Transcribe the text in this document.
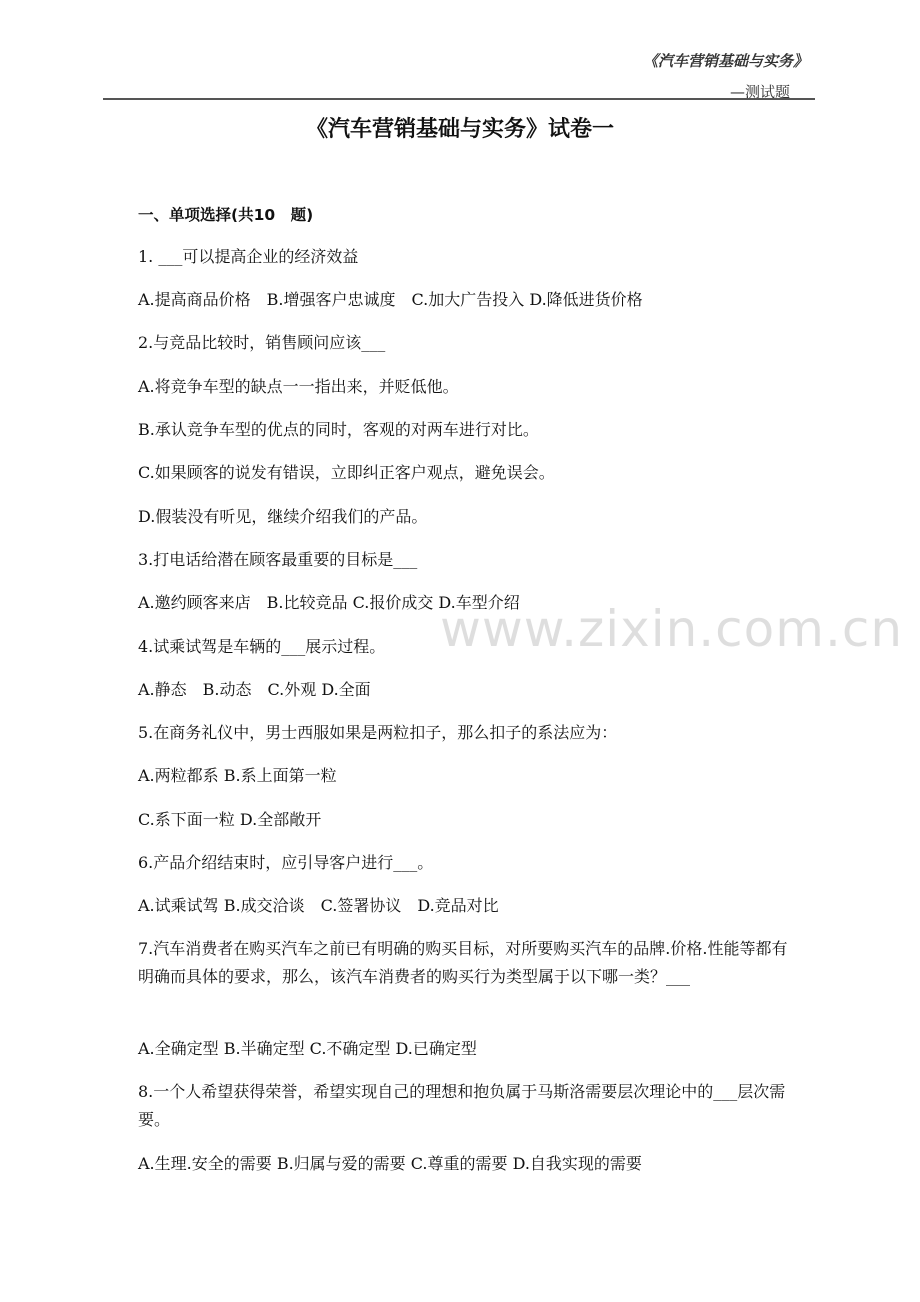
《汽车营销基础与实务》
—测试题
《汽车营销基础与实务》试卷一
一、单项选择(共10　题)
1. ___可以提高企业的经济效益
A.提高商品价格　B.增强客户忠诚度　C.加大广告投入 D.降低进货价格
2.与竞品比较时，销售顾问应该___
A.将竞争车型的缺点一一指出来，并贬低他。
B.承认竞争车型的优点的同时，客观的对两车进行对比。
C.如果顾客的说发有错误，立即纠正客户观点，避免误会。
D.假装没有听见，继续介绍我们的产品。
3.打电话给潜在顾客最重要的目标是___
A.邀约顾客来店　B.比较竞品 C.报价成交 D.车型介绍
4.试乘试驾是车辆的___展示过程。
A.静态　B.动态　C.外观 D.全面
5.在商务礼仪中，男士西服如果是两粒扣子，那么扣子的系法应为：
A.两粒都系 B.系上面第一粒
C.系下面一粒 D.全部敞开
6.产品介绍结束时，应引导客户进行___。
A.试乘试驾 B.成交洽谈　C.签署协议　D.竞品对比
7.汽车消费者在购买汽车之前已有明确的购买目标，对所要购买汽车的品牌.价格.性能等都有明确而具体的要求，那么，该汽车消费者的购买行为类型属于以下哪一类？___
A.全确定型 B.半确定型 C.不确定型 D.已确定型
8.一个人希望获得荣誉，希望实现自己的理想和抱负属于马斯洛需要层次理论中的___层次需要。
A.生理.安全的需要 B.归属与爱的需要 C.尊重的需要 D.自我实现的需要
www.zixin.com.cn
